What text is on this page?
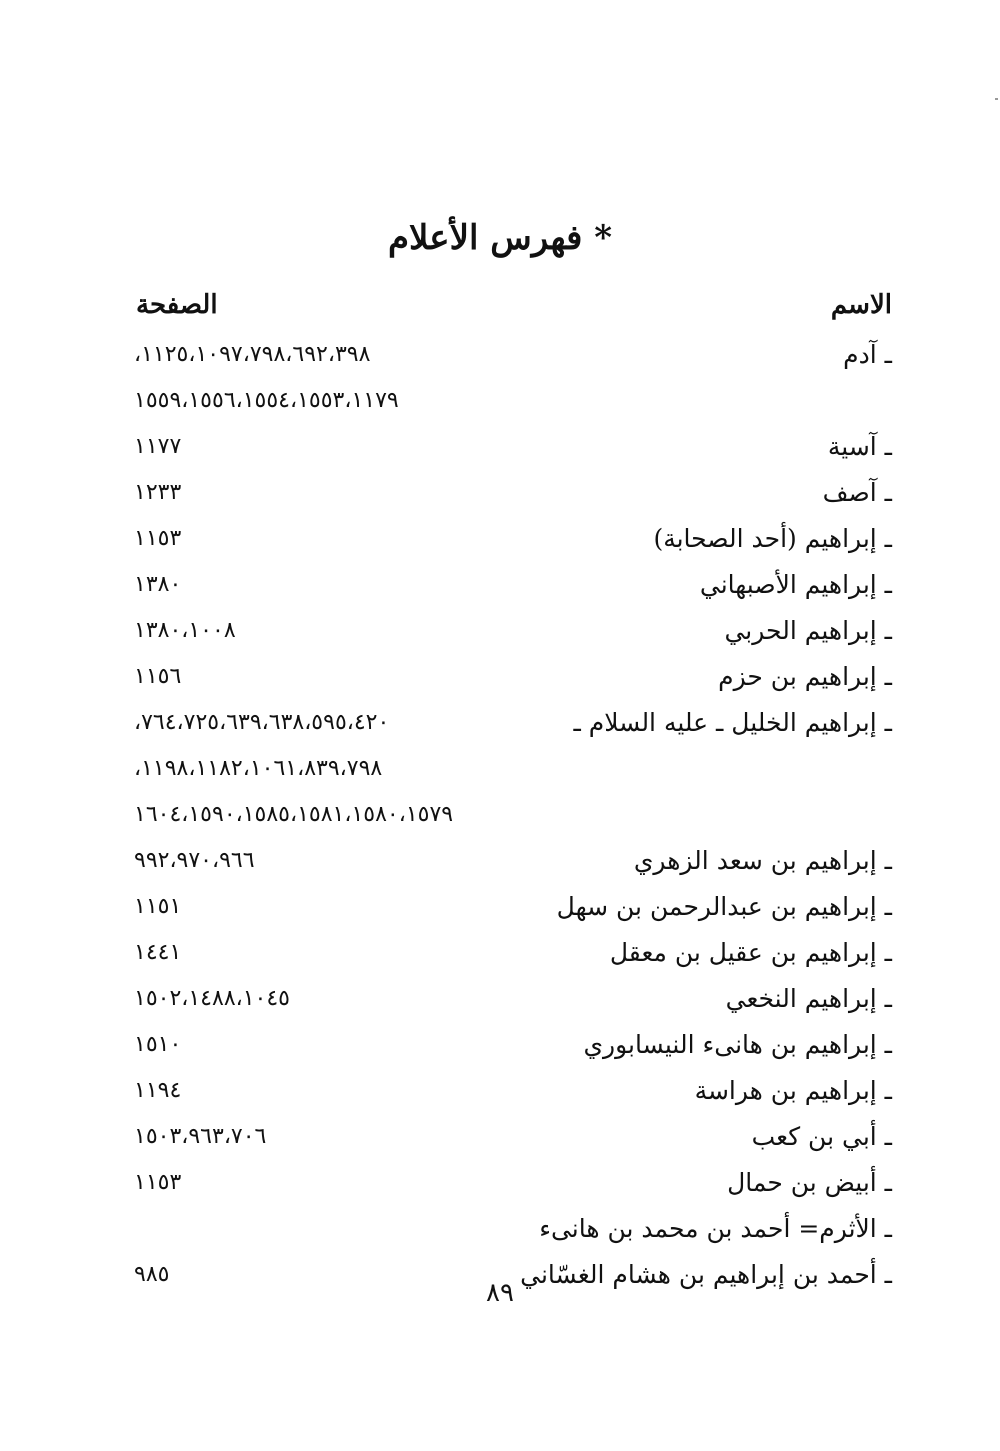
* فهرس الأعلام
الاسم
الصفحة
ـ آدم
،١١٢٥،١٠٩٧،٧٩٨،٦٩٢،٣٩٨
١٥٥٩،١٥٥٦،١٥٥٤،١٥٥٣،١١٧٩
ـ آسية
١١٧٧
ـ آصف
١٢٣٣
ـ إبراهيم (أحد الصحابة)
١١٥٣
ـ إبراهيم الأصبهاني
١٣٨٠
ـ إبراهيم الحربي
١٣٨٠،١٠٠٨
ـ إبراهيم بن حزم
١١٥٦
ـ إبراهيم الخليل ـ عليه السلام ـ
،٧٦٤،٧٢٥،٦٣٩،٦٣٨،٥٩٥،٤٢٠
،١١٩٨،١١٨٢،١٠٦١،٨٣٩،٧٩٨
١٦٠٤،١٥٩٠،١٥٨٥،١٥٨١،١٥٨٠،١٥٧٩
ـ إبراهيم بن سعد الزهري
٩٩٢،٩٧٠،٩٦٦
ـ إبراهيم بن عبدالرحمن بن سهل
١١٥١
ـ إبراهيم بن عقيل بن معقل
١٤٤١
ـ إبراهيم النخعي
١٥٠٢،١٤٨٨،١٠٤٥
ـ إبراهيم بن هانىء النيسابوري
١٥١٠
ـ إبراهيم بن هراسة
١١٩٤
ـ أبي بن كعب
١٥٠٣،٩٦٣،٧٠٦
ـ أبيض بن حمال
١١٥٣
ـ الأثرم= أحمد بن محمد بن هانىء
ـ أحمد بن إبراهيم بن هشام الغسّاني
٩٨٥
٨٩
